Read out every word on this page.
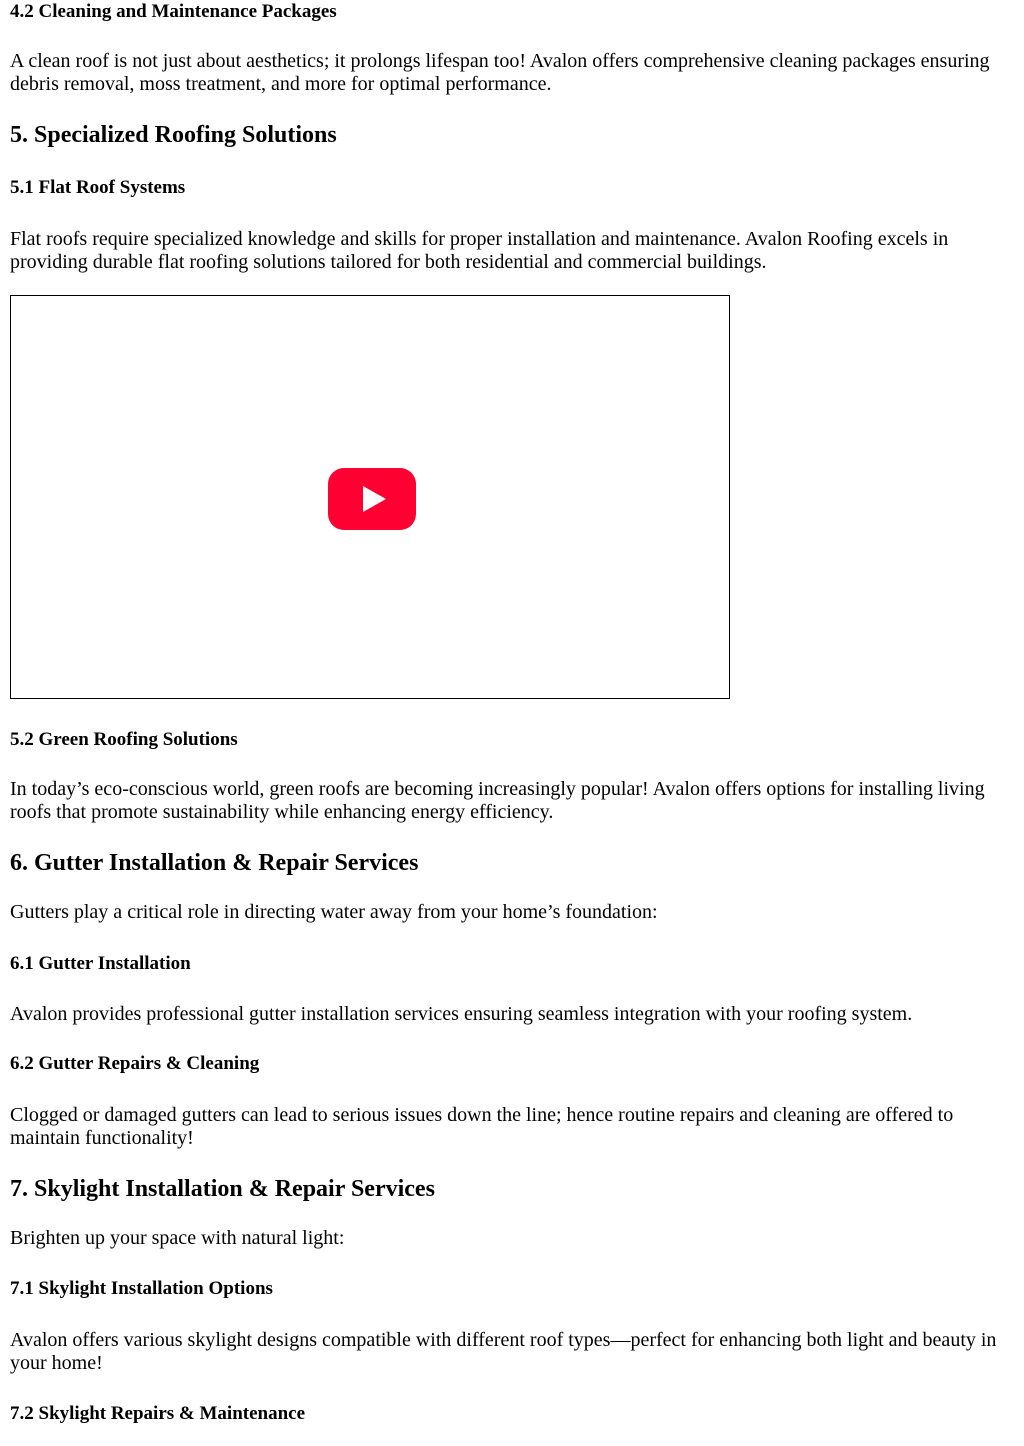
4.2 Cleaning and Maintenance Packages

A clean roof is not just about aesthetics; it prolongs lifespan too! Avalon offers comprehensive cleaning packages ensuring debris removal, moss treatment, and more for optimal performance.

5. Specialized Roofing Solutions
5.1 Flat Roof Systems

Flat roofs require specialized knowledge and skills for proper installation and maintenance. Avalon Roofing excels in providing durable flat roofing solutions tailored for both residential and commercial buildings.

5.2 Green Roofing Solutions

In today’s eco-conscious world, green roofs are becoming increasingly popular! Avalon offers options for installing living roofs that promote sustainability while enhancing energy efficiency.

6. Gutter Installation & Repair Services

Gutters play a critical role in directing water away from your home’s foundation:

6.1 Gutter Installation

Avalon provides professional gutter installation services ensuring seamless integration with your roofing system.

6.2 Gutter Repairs & Cleaning

Clogged or damaged gutters can lead to serious issues down the line; hence routine repairs and cleaning are offered to maintain functionality!

7. Skylight Installation & Repair Services

Brighten up your space with natural light:

7.1 Skylight Installation Options

Avalon offers various skylight designs compatible with different roof types—perfect for enhancing both light and beauty in your home!

7.2 Skylight Repairs & Maintenance
